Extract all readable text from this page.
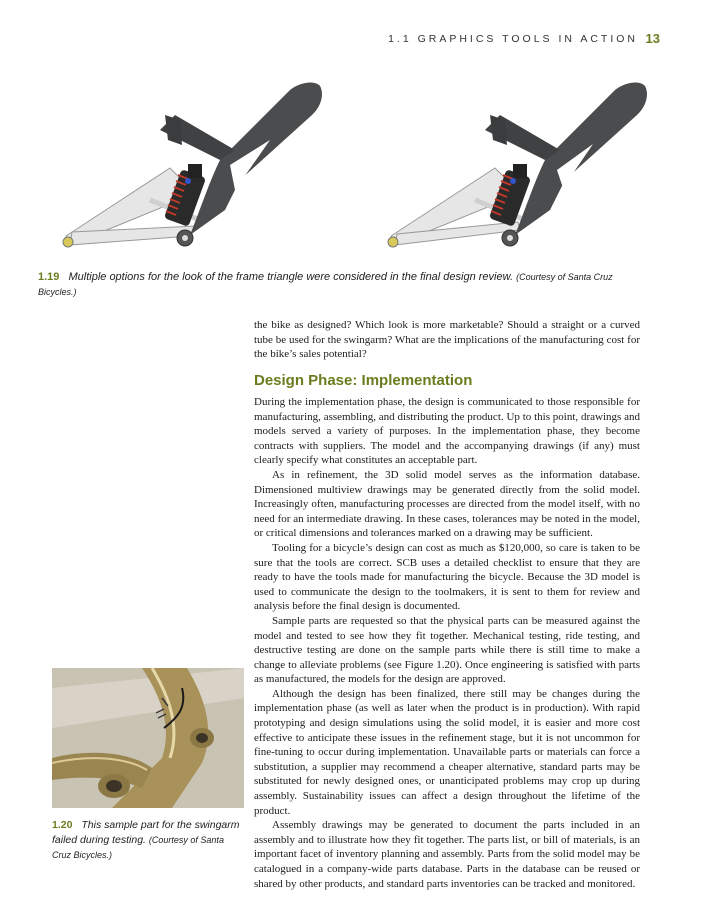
1.1 GRAPHICS TOOLS IN ACTION 13
1.19 Multiple options for the look of the frame triangle were considered in the final design review. (Courtesy of Santa Cruz Bicycles.)

the bike as designed? Which look is more marketable? Should a straight or a curved tube be used for the swingarm? What are the implications of the manufacturing cost for the bike’s sales potential?

Design Phase: Implementation

During the implementation phase, the design is communicated to those responsible for manufacturing, assembling, and distributing the product. Up to this point, drawings and models served a variety of purposes. In the implementation phase, they become contracts with suppliers. The model and the accompanying drawings (if any) must clearly specify what constitutes an acceptable part.

As in refinement, the 3D solid model serves as the information database. Dimensioned multiview drawings may be generated directly from the solid model. Increasingly often, manufacturing processes are directed from the model itself, with no need for an intermediate drawing. In these cases, tolerances may be noted in the model, or critical dimensions and tolerances marked on a drawing may be sufficient.

Tooling for a bicycle’s design can cost as much as $120,000, so care is taken to be sure that the tools are correct. SCB uses a detailed checklist to ensure that they are ready to have the tools made for manufacturing the bicycle. Because the 3D model is used to communicate the design to the toolmakers, it is sent to them for review and analysis before the final design is documented.

Sample parts are requested so that the physical parts can be measured against the model and tested to see how they fit together. Mechanical testing, ride testing, and destructive testing are done on the sample parts while there is still time to make a change to alleviate problems (see Figure 1.20). Once engineering is satisfied with parts as manufactured, the models for the design are approved.

Although the design has been finalized, there still may be changes during the implementation phase (as well as later when the product is in production). With rapid prototyping and design simulations using the solid model, it is easier and more cost effective to anticipate these issues in the refinement stage, but it is not uncommon for fine-tuning to occur during implementation. Unavailable parts or materials can force a substitution, a supplier may recommend a cheaper alternative, standard parts may be substituted for newly designed ones, or unanticipated problems may crop up during assembly. Sustainability issues can affect a design throughout the lifetime of the product.

Assembly drawings may be generated to document the parts included in an assembly and to illustrate how they fit together. The parts list, or bill of materials, is an important facet of inventory planning and assembly. Parts from the solid model may be catalogued in a company-wide parts database. Parts in the database can be reused or shared by other products, and standard parts inventories can be tracked and monitored.

1.20 This sample part for the swingarm failed during testing. (Courtesy of Santa Cruz Bicycles.)
